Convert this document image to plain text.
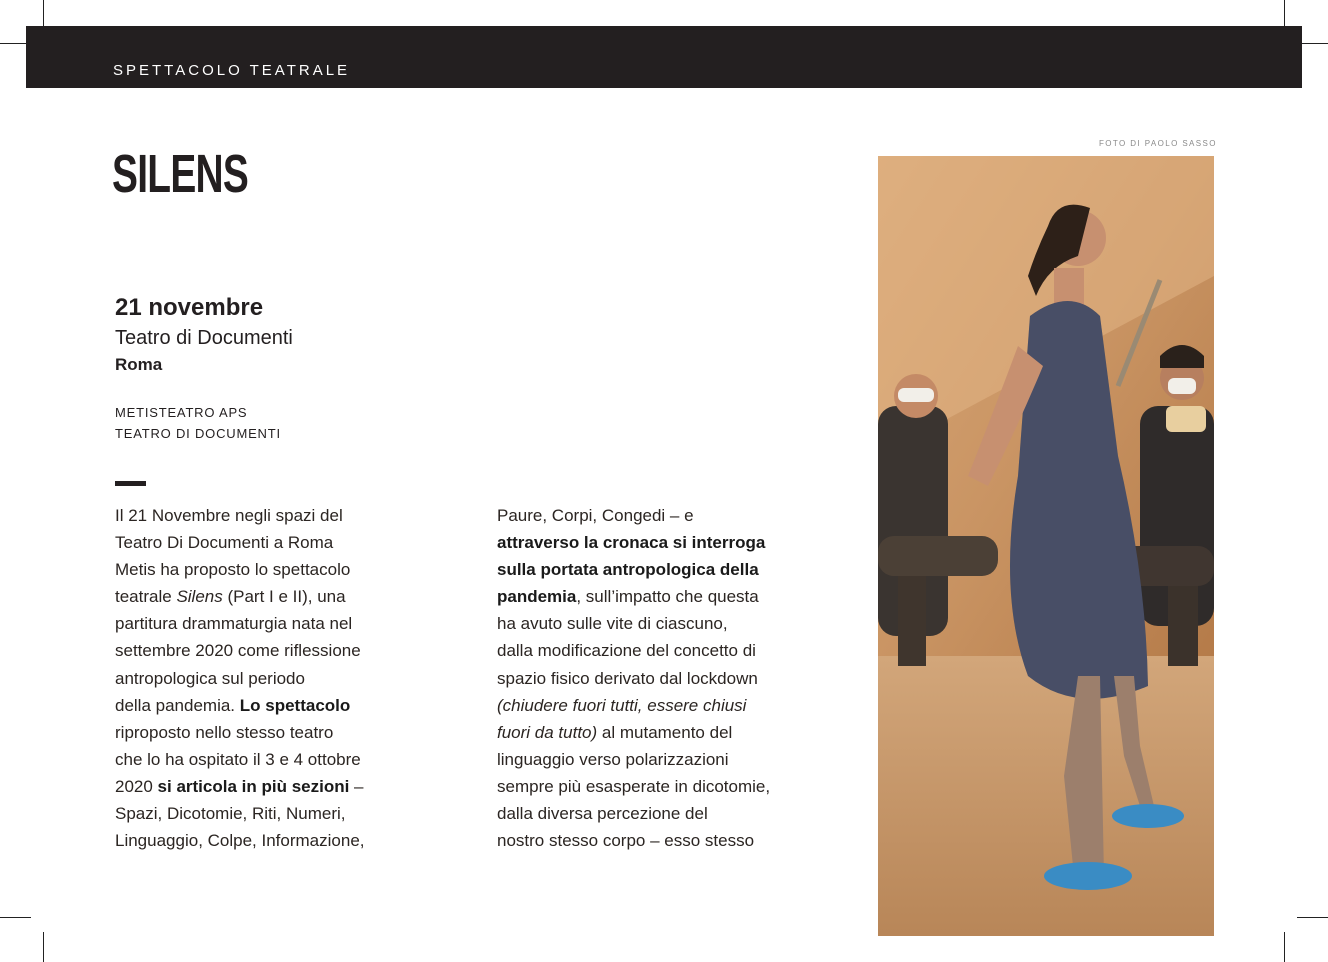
SPETTACOLO TEATRALE
SILENS
21 novembre
Teatro di Documenti
Roma
METISTEATRO APS
TEATRO DI DOCUMENTI
Il 21 Novembre negli spazi del
Teatro Di Documenti a Roma
Metis ha proposto lo spettacolo
teatrale Silens (Part I e II), una
partitura drammaturgia nata nel
settembre 2020 come riflessione
antropologica sul periodo
della pandemia. Lo spettacolo
riproposto nello stesso teatro
che lo ha ospitato il 3 e 4 ottobre
2020 si articola in più sezioni –
Spazi, Dicotomie, Riti, Numeri,
Linguaggio, Colpe, Informazione,
Paure, Corpi, Congedi – e
attraverso la cronaca si interroga
sulla portata antropologica della
pandemia, sull’impatto che questa
ha avuto sulle vite di ciascuno,
dalla modificazione del concetto di
spazio fisico derivato dal lockdown
(chiudere fuori tutti, essere chiusi
fuori da tutto) al mutamento del
linguaggio verso polarizzazioni
sempre più esasperate in dicotomie,
dalla diversa percezione del
nostro stesso corpo – esso stesso
FOTO DI PAOLO SASSO
